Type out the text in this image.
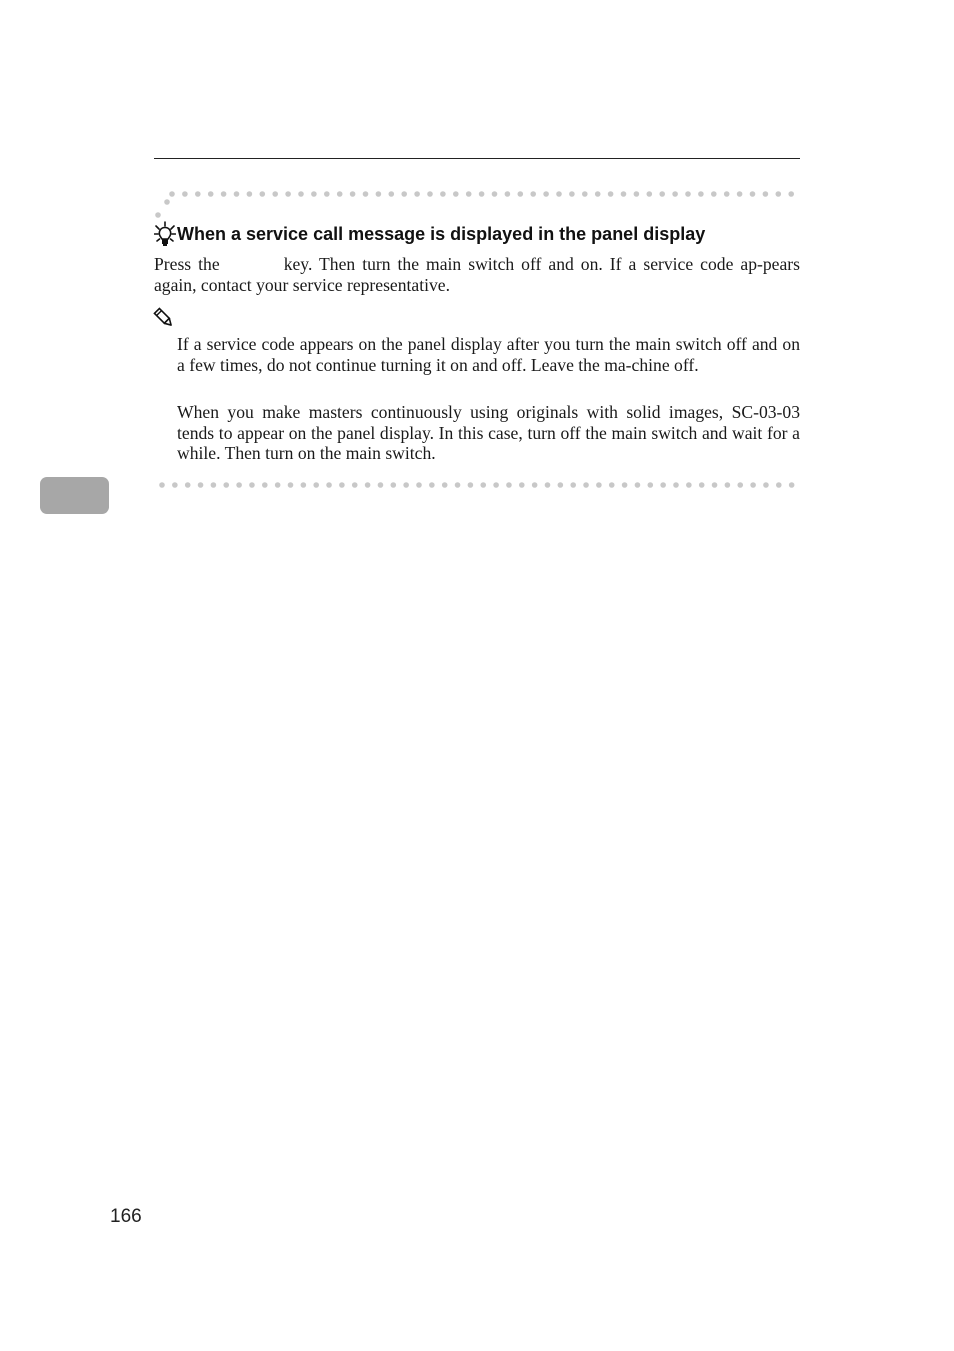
When a service call message is displayed in the panel display
Press the	key. Then turn the main switch off and on. If a service code ap-pears again, contact your service representative.
If a service code appears on the panel display after you turn the main switch off and on a few times, do not continue turning it on and off. Leave the ma-chine off.
When you make masters continuously using originals with solid images, SC-03-03 tends to appear on the panel display. In this case, turn off the main switch and wait for a while. Then turn on the main switch.
166
